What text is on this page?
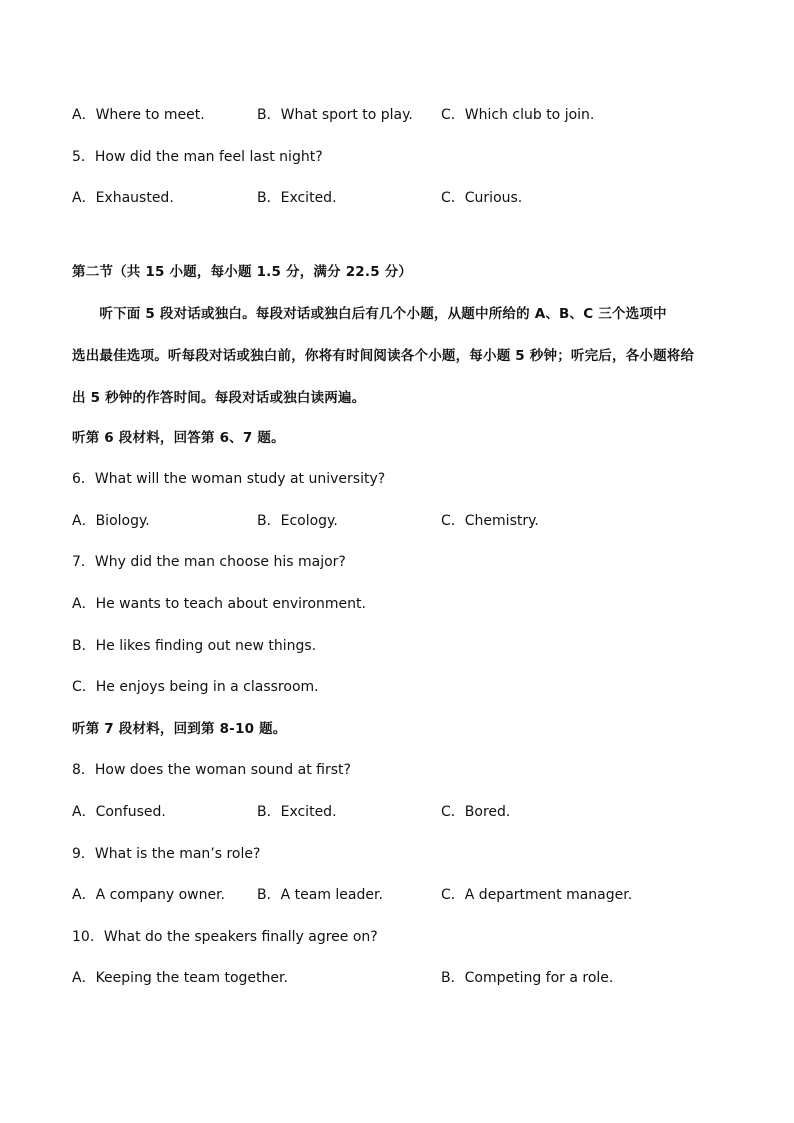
A．Where to meet.	B．What sport to play. C．Which club to join.
5．How did the man feel last night?
A．Exhausted.	B．Excited.	C．Curious.
第二节（共 15 小题，每小题 1.5 分，满分 22.5 分）
　　听下面 5 段对话或独白。每段对话或独白后有几个小题，从题中所给的 A、B、C 三个选项中
选出最佳选项。听每段对话或独白前，你将有时间阅读各个小题，每小题 5 秒钟；听完后，各小题将给
出 5 秒钟的作答时间。每段对话或独白读两遍。
听第 6 段材料，回答第 6、7 题。
6．What will the woman study at university?
A．Biology.	B．Ecology.	C．Chemistry.
7．Why did the man choose his major?
A．He wants to teach about environment.
B．He likes finding out new things.
C．He enjoys being in a classroom.
听第 7 段材料，回到第 8-10 题。
8．How does the woman sound at first?
A．Confused.	B．Excited.	C．Bored.
9．What is the man’s role?
A．A company owner. B．A team leader.	C．A department manager.
10．What do the speakers finally agree on?
A．Keeping the team together.	B．Competing for a role.
